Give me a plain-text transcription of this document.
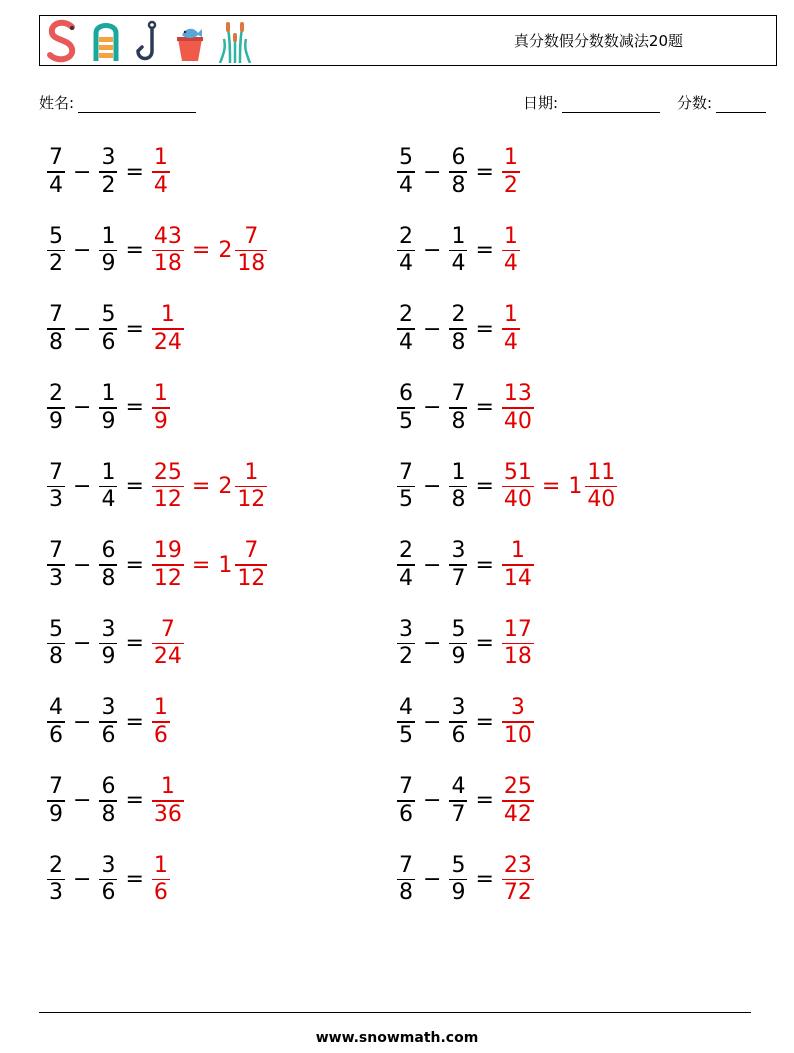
真分数假分数数减法20题
姓名:	日期:	分数:
$\frac{7}{4} - \frac{3}{2} = \frac{1}{4}$	$\frac{5}{4} - \frac{6}{8} = \frac{1}{2}$
$\frac{5}{2} - \frac{1}{9} = \frac{43}{18} = 2 \frac{7}{18}$	$\frac{2}{4} - \frac{1}{4} = \frac{1}{4}$
$\frac{7}{8} - \frac{5}{6} = \frac{1}{24}$	$\frac{2}{4} - \frac{2}{8} = \frac{1}{4}$
$\frac{2}{9} - \frac{1}{9} = \frac{1}{9}$	$\frac{6}{5} - \frac{7}{8} = \frac{13}{40}$
$\frac{7}{3} - \frac{1}{4} = \frac{25}{12} = 2 \frac{1}{12}$	$\frac{7}{5} - \frac{1}{8} = \frac{51}{40} = 1 \frac{11}{40}$
$\frac{7}{3} - \frac{6}{8} = \frac{19}{12} = 1 \frac{7}{12}$	$\frac{2}{4} - \frac{3}{7} = \frac{1}{14}$
$\frac{5}{8} - \frac{3}{9} = \frac{7}{24}$	$\frac{3}{2} - \frac{5}{9} = \frac{17}{18}$
$\frac{4}{6} - \frac{3}{6} = \frac{1}{6}$	$\frac{4}{5} - \frac{3}{6} = \frac{3}{10}$
$\frac{7}{9} - \frac{6}{8} = \frac{1}{36}$	$\frac{7}{6} - \frac{4}{7} = \frac{25}{42}$
$\frac{2}{3} - \frac{3}{6} = \frac{1}{6}$	$\frac{7}{8} - \frac{5}{9} = \frac{23}{72}$
www.snowmath.com
